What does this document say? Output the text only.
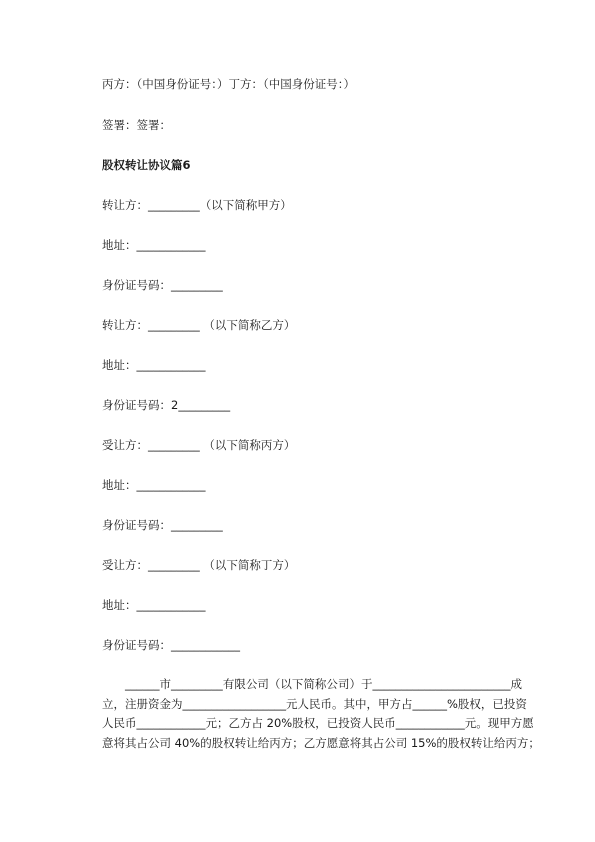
丙方：（中国身份证号：）丁方：（中国身份证号：）

签署：签署：

股权转让协议篇6

转让方：_________（以下简称甲方）

地址：____________

身份证号码：_________

转让方：_________ （以下简称乙方）

地址：____________

身份证号码：2_________

受让方：_________ （以下简称丙方）

地址：____________

身份证号码：_________

受让方：_________ （以下简称丁方）

地址：____________

身份证号码：____________

　　______市_________有限公司（以下简称公司）于________________________成
立，注册资金为__________________元人民币。其中，甲方占______%股权，已投资
人民币____________元；乙方占 20%股权，已投资人民币____________元。现甲方愿
意将其占公司 40%的股权转让给丙方；乙方愿意将其占公司 15%的股权转让给丙方；
